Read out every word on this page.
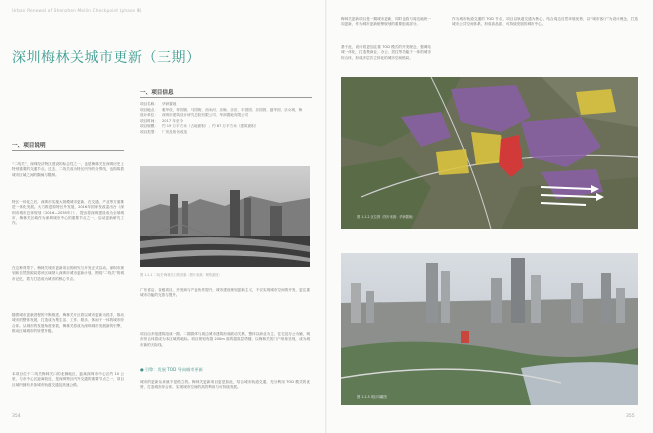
Urban Renewal of Shenzhen Meilin Checkpoint (phase Ⅲ)
深圳梅林关城市更新（三期）
一、项目说明
一、项目信息
项目名称：	华润置地
项目地点：	雅华设、梓园街、马园街、西米河、乐畅、乐田、丰园园、乐园园、慈华园、乐女城、梅
设计单位：	深圳市建筑设计研究总院有限公司、华润置地有限公司
项目时间：	2017 年至今
项目规模：	约 19 万平方米（占地面积）；约 87 万平方米（建筑面积）
项目类型：	厂房及宿舍改造
“二线关”，深圳经济特区建设的标志性之一，也是梅林关在深圳历史上特别重要的交通节点。过去，二线关成为特区内外的分界线，也构筑着城市区域之间的隔阂与限制。
特区一体化之后，深圳市实施大规模城市更新，在交通、产业等方面推进一体化发展。大力推进原特区外发展，2016年国家发改委出台《深圳市城市总体规划（2016—2035年）》，提出将深圳建设成为全球城市，梅林关区域作为深圳城市中心的重要节点之一，启动更新研究工作。
在这种背景下，梅林关城市更新项目的研究与开发正式启动。深圳市规划和自然资源局将该区域纳入深圳市城市更新计划，围绕“二线关”的城市记忆，着力打造成为城市的核心节点。
随着城市更新进程的不断推进，梅林关片区将以城市更新为抓手，推动城市的整体发展，打造成为集生活、工作、娱乐、休闲于一体的城市综合体。从城市的发展角度来看，梅林关将成为深圳城市发展新的引擎，推动区域城市的转型升级。
本项目位于二线关梅林关口的北侧地区，距离深圳市中心区约 10 公里，与市中心区距离较近，是深圳特区内外交通的重要节点之一，项目区域内拥有多条城市轨道交通及高速公路。
图 1-1-1 二线关·梅林关口的旧貌（图片来源：网络素材）
广东省沿，各级项目，开发商与产业协作提升，城市建设规划更新主义，不仅实现城市空间的开发，更注重城市功能的完善与提升。
项目由多组建筑组成一期，二期群体与周边城市建筑形成联动关系，整体以商业为主，住宅及办公为辅，城市综合体将成为本区域的地标。项目规划有超 200m 高的超高层塔楼，以梅林关的门户形象呈现，成为城市新的天际线。
● 引擎：发展 TOD 导向城市更新
城市的更新从来就不是孤立的。梅林关更新项目更是如此，结合城市轨道交通，充分利用 TOD 模式的优势，打造城市综合体，实现城市空间的高效利用与可持续发展。
梅林关更新项目是一期城市更新，同时也将与周边地块一同更新，作为城市更新统筹规划的重要组成部分。
基于此，设计将更加注重 TOD 模式的开发理念，强调站城一体化，打造集商业、办公、居住等功能于一体的城市综合体，形成多层次立体化的城市空间格局。
作为城市轨道交通的 TOD 节点，项目以轨道交通为核心，结合周边自然环境优势，以“城市客厅”为设计理念，打造城市公共空间体系，形成高品质、可持续发展的城市中心。
图 1-1-2 区位图（图片来源：华润置地）
图 1-1-3 项目鸟瞰图
354	355
